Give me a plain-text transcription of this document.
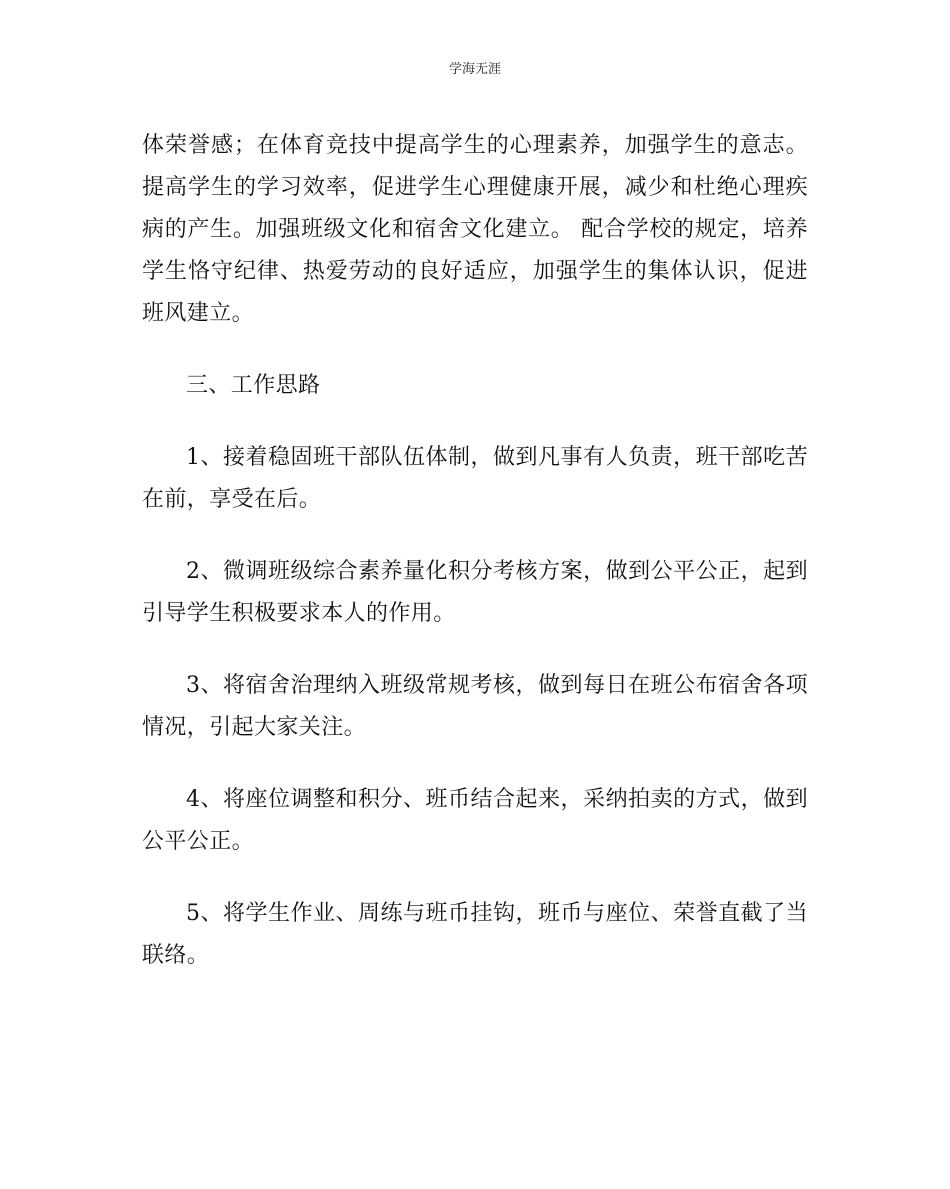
学海无涯

体荣誉感；在体育竞技中提高学生的心理素养，加强学生的意志。提高学生的学习效率，促进学生心理健康开展，减少和杜绝心理疾病的产生。加强班级文化和宿舍文化建立。 配合学校的规定，培养学生恪守纪律、热爱劳动的良好适应，加强学生的集体认识，促进班风建立。

三、工作思路

1、接着稳固班干部队伍体制，做到凡事有人负责，班干部吃苦在前，享受在后。

2、微调班级综合素养量化积分考核方案，做到公平公正，起到引导学生积极要求本人的作用。

3、将宿舍治理纳入班级常规考核，做到每日在班公布宿舍各项情况，引起大家关注。

4、将座位调整和积分、班币结合起来，采纳拍卖的方式，做到公平公正。

5、将学生作业、周练与班币挂钩，班币与座位、荣誉直截了当联络。
